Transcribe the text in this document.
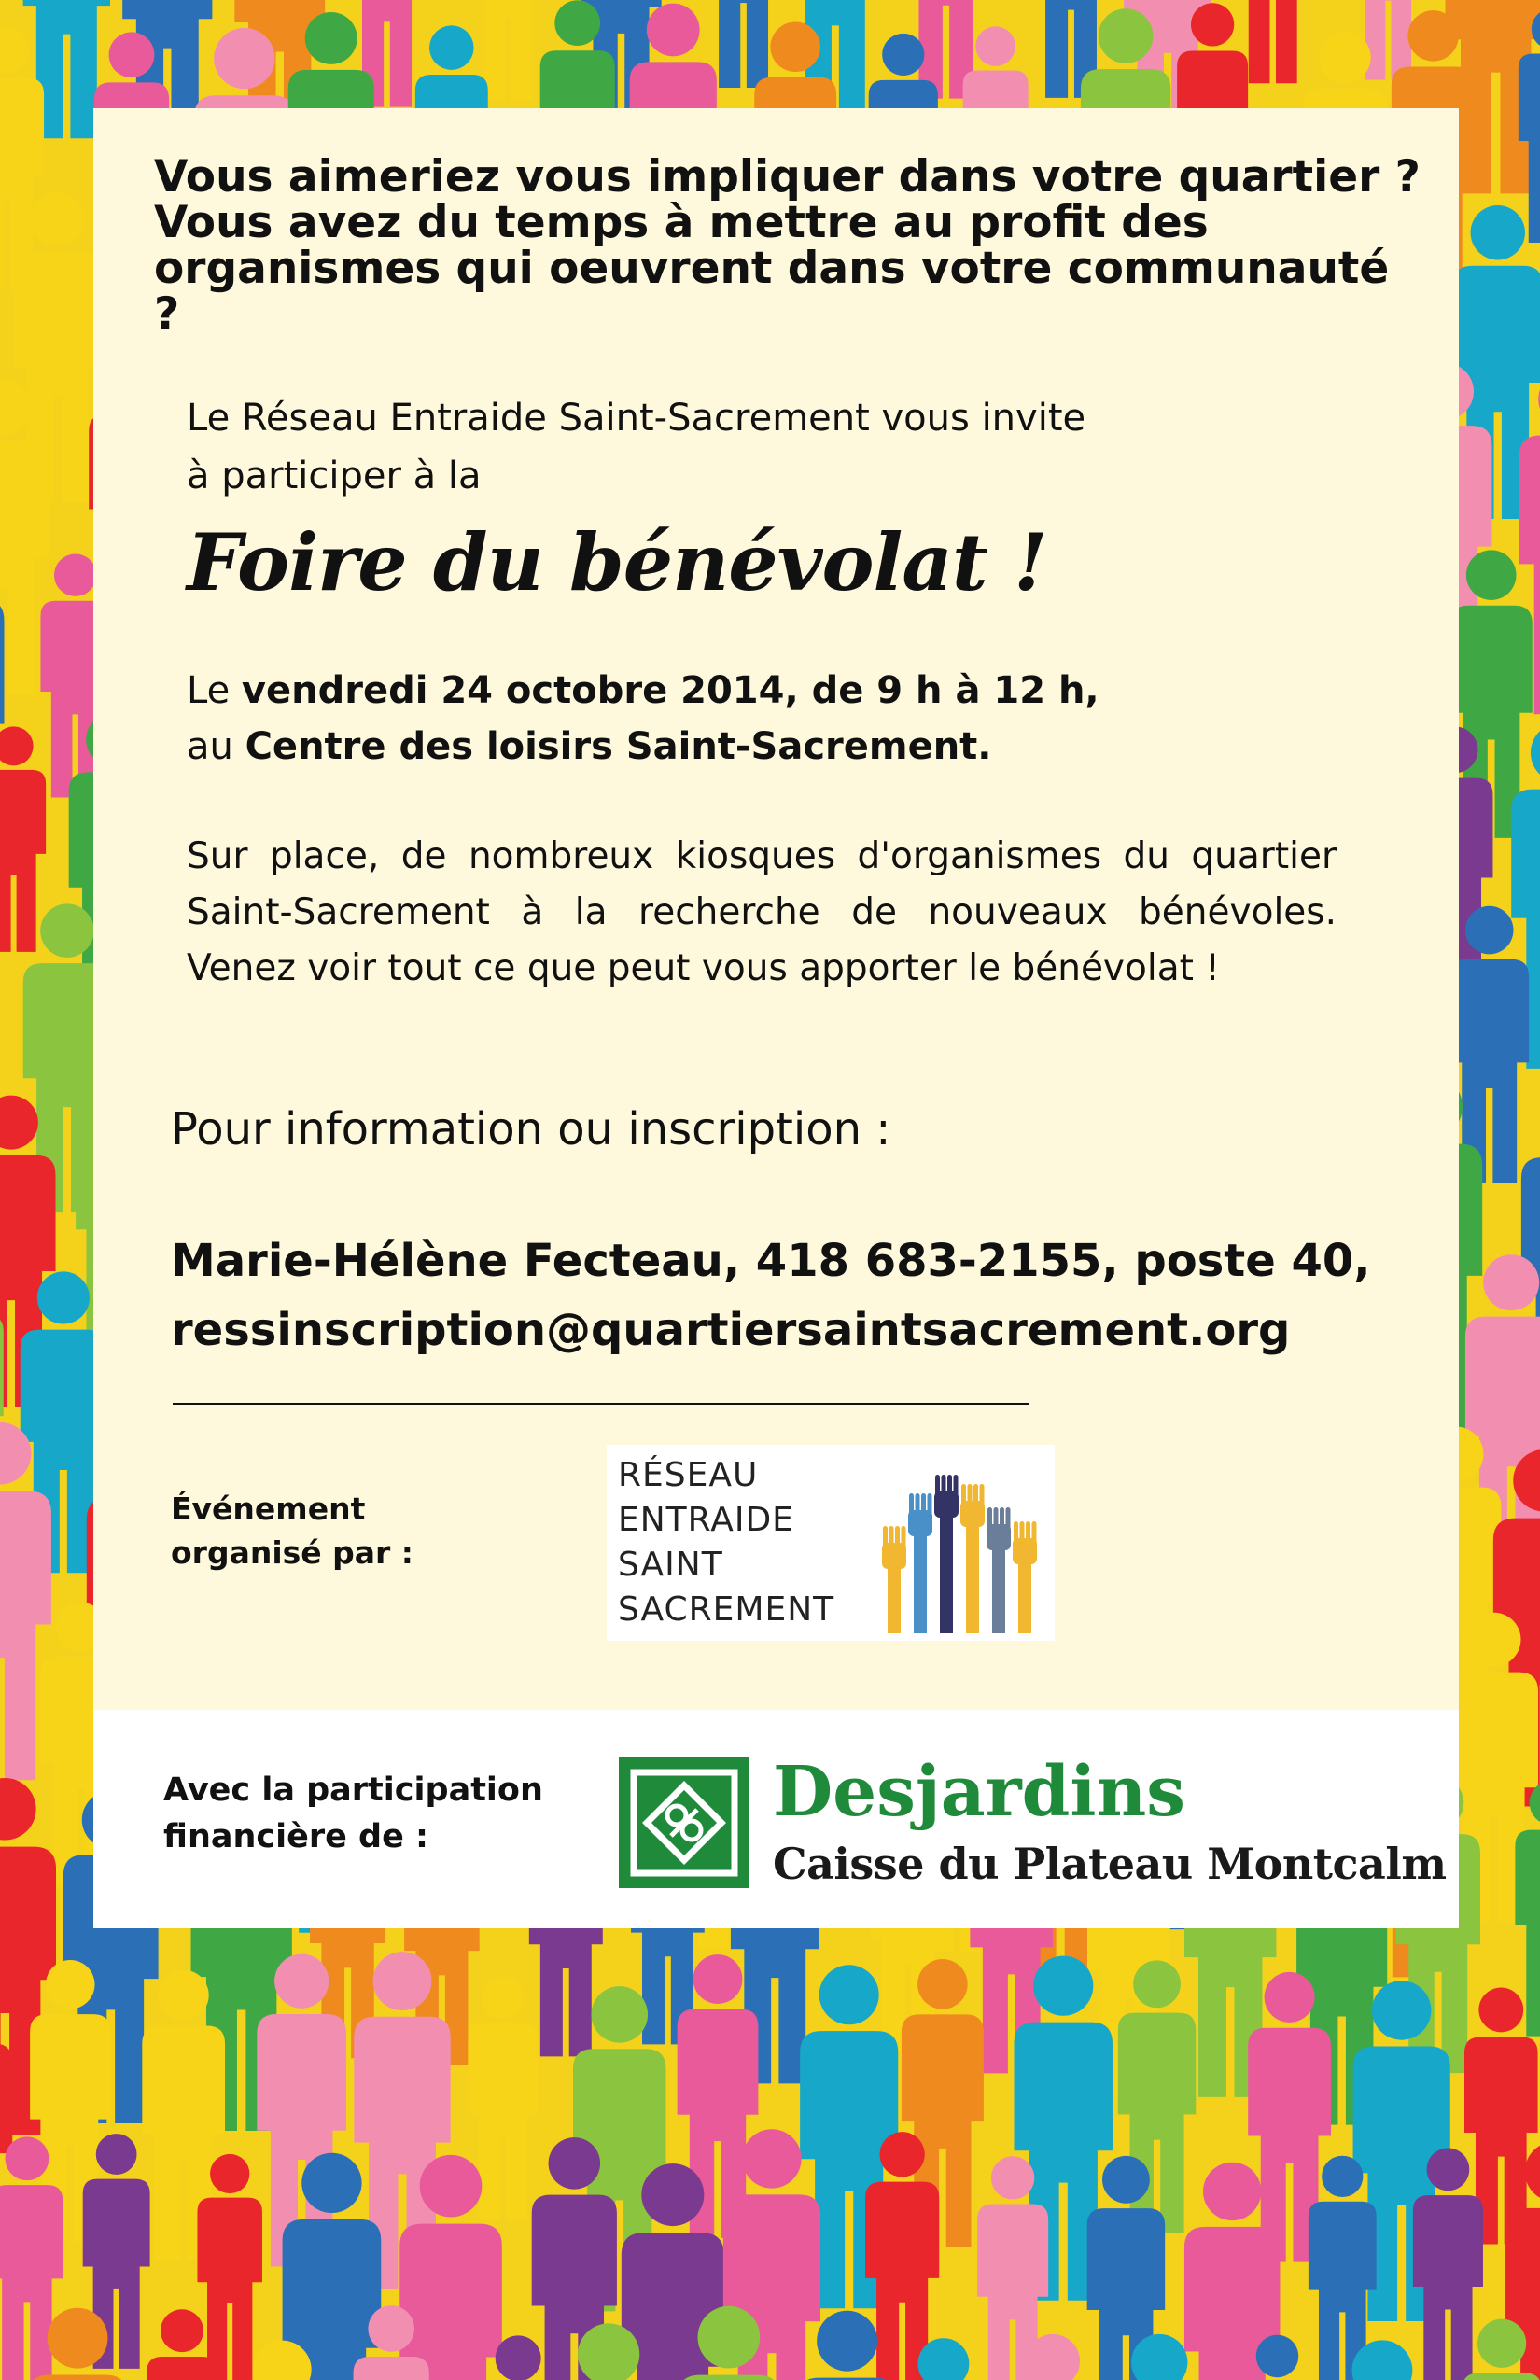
Vous aimeriez vous impliquer dans votre quartier ? Vous avez du temps à mettre au profit des organismes qui oeuvrent dans votre communauté ?

Le Réseau Entraide Saint-Sacrement vous invite
à participer à la
Foire du bénévolat !
Le vendredi 24 octobre 2014, de 9 h à 12 h,
au Centre des loisirs Saint-Sacrement.

Sur place, de nombreux kiosques d'organismes du quartier Saint-Sacrement à la recherche de nouveaux bénévoles. Venez voir tout ce que peut vous apporter le bénévolat !

Pour information ou inscription :
Marie-Hélène Fecteau, 418 683-2155, poste 40,
ressinscription@quartiersaintsacrement.org
Événement
organisé par :
RÉSEAU
ENTRAIDE
SAINT
SACREMENT
Avec la participation
financière de :
Desjardins
Caisse du Plateau Montcalm
